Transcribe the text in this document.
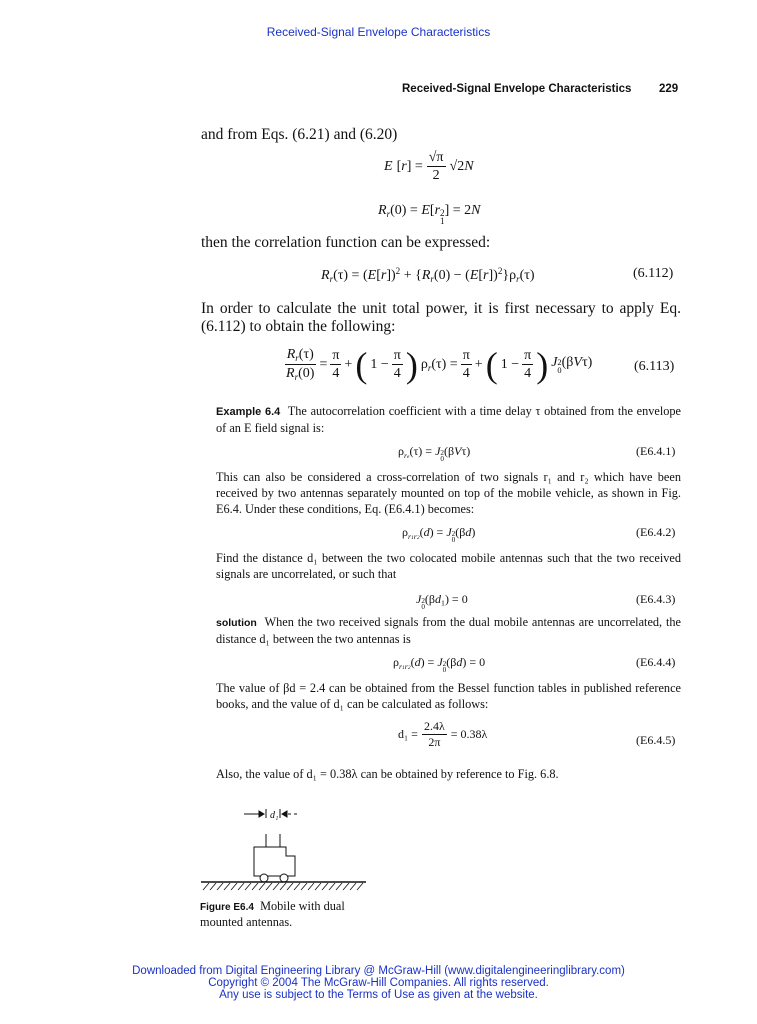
Received-Signal Envelope Characteristics
Received-Signal Envelope Characteristics 229
and from Eqs. (6.21) and (6.20)
E $[r] = \frac{√\pi}{2} √2N$
$R_r(0) = E[r$ 2
1
] = 2N
then the correlation function can be expressed:
$R_r(\tau) = (E[r])^2 + \{R_r(0) - (E[r])^2\}\rho_r(\tau)$	(6.112)
In order to calculate the unit total power, it is first necessary to apply Eq. (6.112) to obtain the following:
$\frac{R_r(\tau)}{R_r(0)} = \frac{\pi}{4}$ + ( $1 - \frac{\pi}{4}$ ) $\rho_r(\tau) = \frac{\pi}{4}$ + ( $1 - \frac{\pi}{4}$ ) J 2
0
(βVτ)	(6.113)
Example 6.4 The autocorrelation coefficient with a time delay τ obtained from the envelope of an E field signal is:
$\rho_{re}(\tau) = J$ 2
0
(βVτ)	(E6.4.1)
This can also be considered a cross-correlation of two signals r₁ and r₂ which have been received by two antennas separately mounted on top of the mobile vehicle, as shown in Fig. E6.4. Under these conditions, Eq. (E6.4.1) becomes:
$\rho_{r1r2}(d) = J$ 2
0
(βd)	(E6.4.2)
Find the distance d₁ between the two colocated mobile antennas such that the two received signals are uncorrelated, or such that
J 2
0
$(\beta d_1) = 0$	(E6.4.3)
solution When the two received signals from the dual mobile antennas are uncorrelated, the distance d₁ between the two antennas is
$\rho_{r1r2}(d) = J$ 2
0
(βd) = 0	(E6.4.4)
The value of βd = 2.4 can be obtained from the Bessel function tables in published reference books, and the value of d₁ can be calculated as follows:
$d_1 = \frac{2.4\lambda}{2\pi} = 0.38\lambda$	(E6.4.5)
Also, the value of d₁ = 0.38λ can be obtained by reference to Fig. 6.8.
d₁
Figure E6.4 Mobile with dual mounted antennas.
Downloaded from Digital Engineering Library @ McGraw-Hill (www.digitalengineeringlibrary.com)
Copyright © 2004 The McGraw-Hill Companies. All rights reserved.
Any use is subject to the Terms of Use as given at the website.
